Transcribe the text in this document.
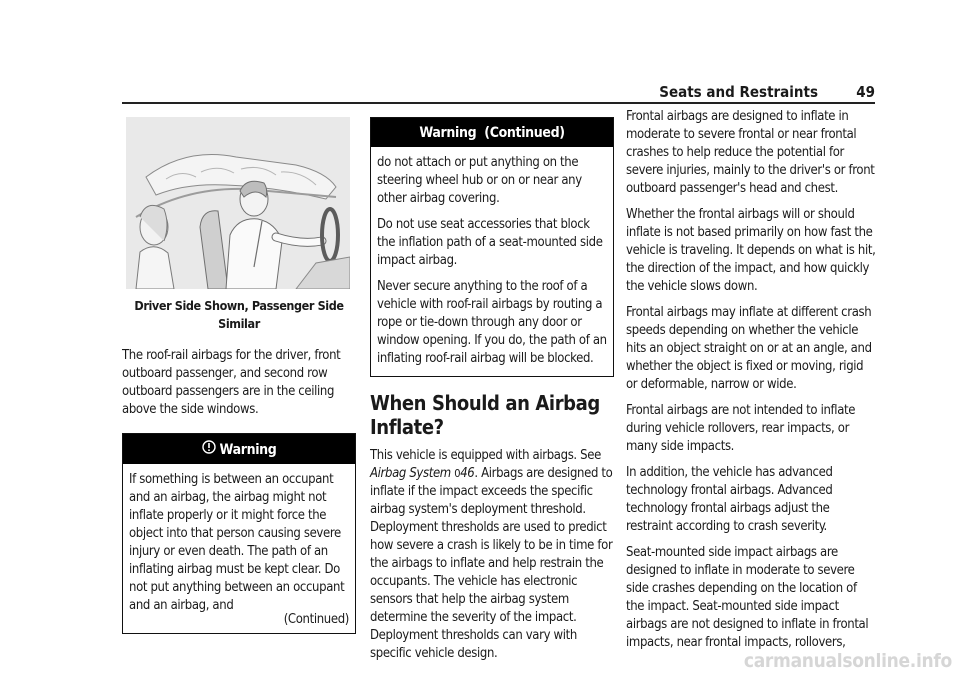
Seats and Restraints	49
Driver Side Shown, Passenger Side Similar

The roof-rail airbags for the driver, front outboard passenger, and second row outboard passengers are in the ceiling above the side windows.

Warning

If something is between an occupant and an airbag, the airbag might not inflate properly or it might force the object into that person causing severe injury or even death. The path of an inflating airbag must be kept clear. Do not put anything between an occupant and an airbag, and

(Continued)
Warning  (Continued)

do not attach or put anything on the steering wheel hub or on or near any other airbag covering.

Do not use seat accessories that block the inflation path of a seat-mounted side impact airbag.

Never secure anything to the roof of a vehicle with roof-rail airbags by routing a rope or tie-down through any door or window opening. If you do, the path of an inflating roof-rail airbag will be blocked.

When Should an Airbag Inflate?

This vehicle is equipped with airbags. See Airbag System 046. Airbags are designed to inflate if the impact exceeds the specific airbag system's deployment threshold. Deployment thresholds are used to predict how severe a crash is likely to be in time for the airbags to inflate and help restrain the occupants. The vehicle has electronic sensors that help the airbag system determine the severity of the impact. Deployment thresholds can vary with specific vehicle design.

Frontal airbags are designed to inflate in moderate to severe frontal or near frontal crashes to help reduce the potential for severe injuries, mainly to the driver's or front outboard passenger's head and chest.

Whether the frontal airbags will or should inflate is not based primarily on how fast the vehicle is traveling. It depends on what is hit, the direction of the impact, and how quickly the vehicle slows down.

Frontal airbags may inflate at different crash speeds depending on whether the vehicle hits an object straight on or at an angle, and whether the object is fixed or moving, rigid or deformable, narrow or wide.

Frontal airbags are not intended to inflate during vehicle rollovers, rear impacts, or many side impacts.

In addition, the vehicle has advanced technology frontal airbags. Advanced technology frontal airbags adjust the restraint according to crash severity.

Seat-mounted side impact airbags are designed to inflate in moderate to severe side crashes depending on the location of the impact. Seat-mounted side impact airbags are not designed to inflate in frontal impacts, near frontal impacts, rollovers,

carmanualsonline.info
